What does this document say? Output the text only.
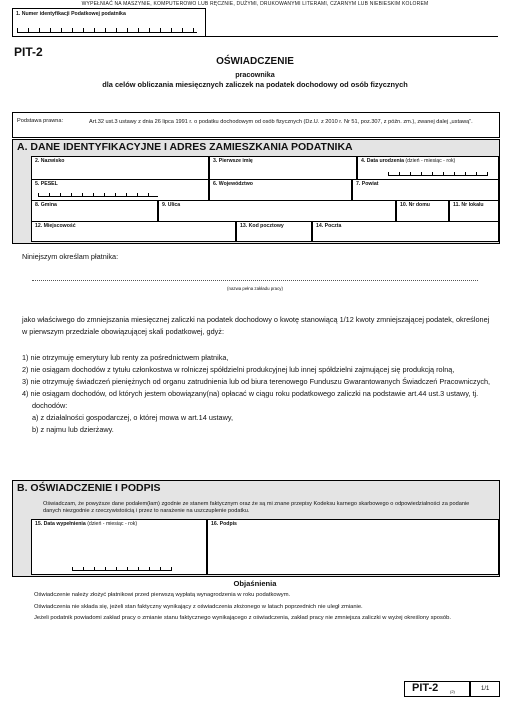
WYPEŁNIAĆ NA MASZYNIE, KOMPUTEROWO LUB RĘCZNIE, DUŻYMI, DRUKOWANYMI LITERAMI, CZARNYM LUB NIEBIESKIM KOLOREM
1. Numer identyfikacji Podatkowej podatnika
PIT-2
OŚWIADCZENIE
pracownika
dla celów obliczania miesięcznych zaliczek na podatek dochodowy od osób fizycznych
Podstawa prawna:	Art.32 ust.3 ustawy z dnia 26 lipca 1991 r. o podatku dochodowym od osób fizycznych (Dz.U. z 2010 r. Nr 51, poz.307, z późn. zm.), zwanej dalej „ustawą”.
A. DANE IDENTYFIKACYJNE I ADRES ZAMIESZKANIA PODATNIKA
2. Nazwisko	3. Pierwsze imię	4. Data urodzenia (dzień - miesiąc - rok)
5. PESEL	6. Województwo	7. Powiat
8. Gmina	9. Ulica	10. Nr domu	11. Nr lokalu
12. Miejscowość	13. Kod pocztowy	14. Poczta
Niniejszym określam płatnika:
(nazwa pełna zakładu pracy)
jako właściwego do zmniejszania miesięcznej zaliczki na podatek dochodowy o kwotę stanowiącą 1/12 kwoty zmniejszającej podatek, określonej w pierwszym przedziale obowiązującej skali podatkowej, gdyż:
1) nie otrzymuję emerytury lub renty za pośrednictwem płatnika,
2) nie osiągam dochodów z tytułu członkostwa w rolniczej spółdzielni produkcyjnej lub innej spółdzielni zajmującej się produkcją rolną,
3) nie otrzymuję świadczeń pieniężnych od organu zatrudnienia lub od biura terenowego Funduszu Gwarantowanych Świadczeń Pracowniczych,
4) nie osiągam dochodów, od których jestem obowiązany(na) opłacać w ciągu roku podatkowego zaliczki na podstawie art.44 ust.3 ustawy, tj. dochodów:
a) z działalności gospodarczej, o której mowa w art.14 ustawy,
b) z najmu lub dzierżawy.
B. OŚWIADCZENIE I PODPIS
Oświadczam, że powyższe dane podałem(łam) zgodnie ze stanem faktycznym oraz że są mi znane przepisy Kodeksu karnego skarbowego o odpowiedzialności za podanie danych niezgodnie z rzeczywistością i przez to narażenie na uszczuplenie podatku.
15. Data wypełnienia (dzień - miesiąc - rok)	16. Podpis
Objaśnienia
Oświadczenie należy złożyć płatnikowi przed pierwszą wypłatą wynagrodzenia w roku podatkowym.
Oświadczenia nie składa się, jeżeli stan faktyczny wynikający z oświadczenia złożonego w latach poprzednich nie uległ zmianie.
Jeżeli podatnik powiadomi zakład pracy o zmianie stanu faktycznego wynikającego z oświadczenia, zakład pracy nie zmniejsza zaliczki w wyżej określony sposób.
PIT-2	(2)	1/1
